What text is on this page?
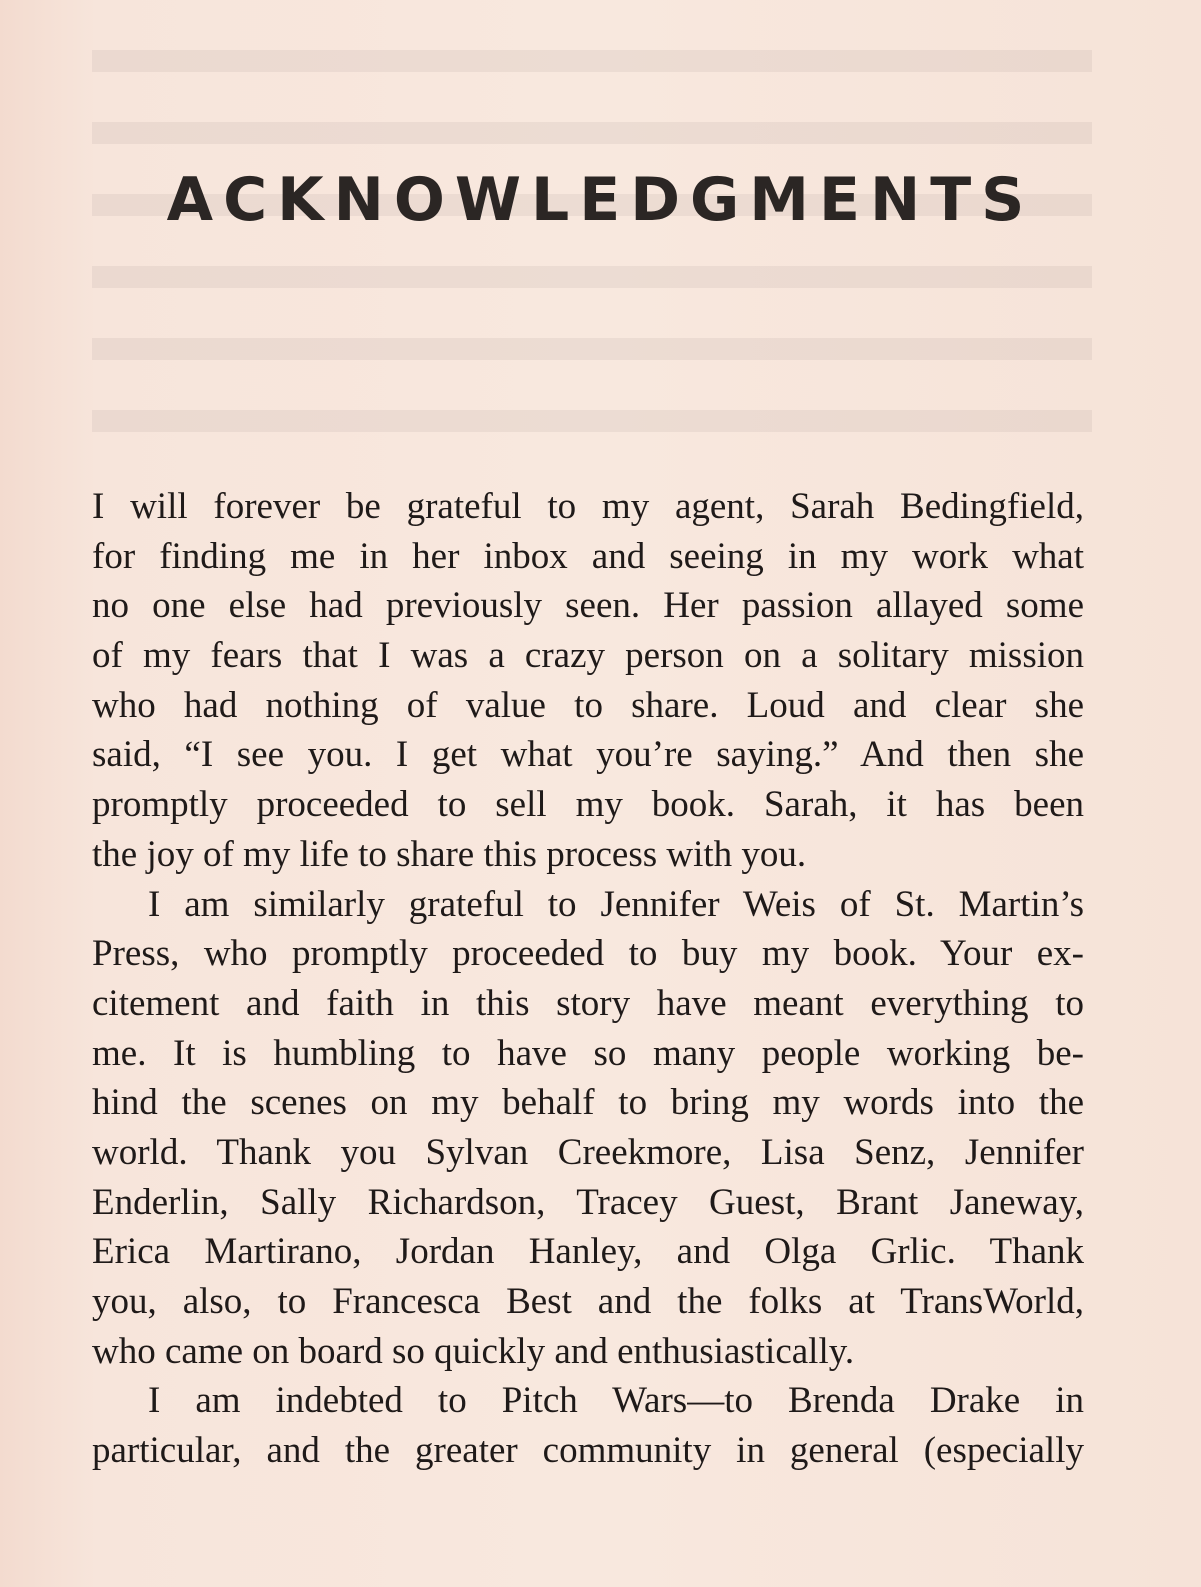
ACKNOWLEDGMENTS
I will forever be grateful to my agent, Sarah Bedingfield,
for finding me in her inbox and seeing in my work what
no one else had previously seen. Her passion allayed some
of my fears that I was a crazy person on a solitary mission
who had nothing of value to share. Loud and clear she
said, “I see you. I get what you’re saying.” And then she
promptly proceeded to sell my book. Sarah, it has been
the joy of my life to share this process with you.
I am similarly grateful to Jennifer Weis of St. Martin’s
Press, who promptly proceeded to buy my book. Your ex-
citement and faith in this story have meant everything to
me. It is humbling to have so many people working be-
hind the scenes on my behalf to bring my words into the
world. Thank you Sylvan Creekmore, Lisa Senz, Jennifer
Enderlin, Sally Richardson, Tracey Guest, Brant Janeway,
Erica Martirano, Jordan Hanley, and Olga Grlic. Thank
you, also, to Francesca Best and the folks at TransWorld,
who came on board so quickly and enthusiastically.
I am indebted to Pitch Wars—to Brenda Drake in
particular, and the greater community in general (especially
